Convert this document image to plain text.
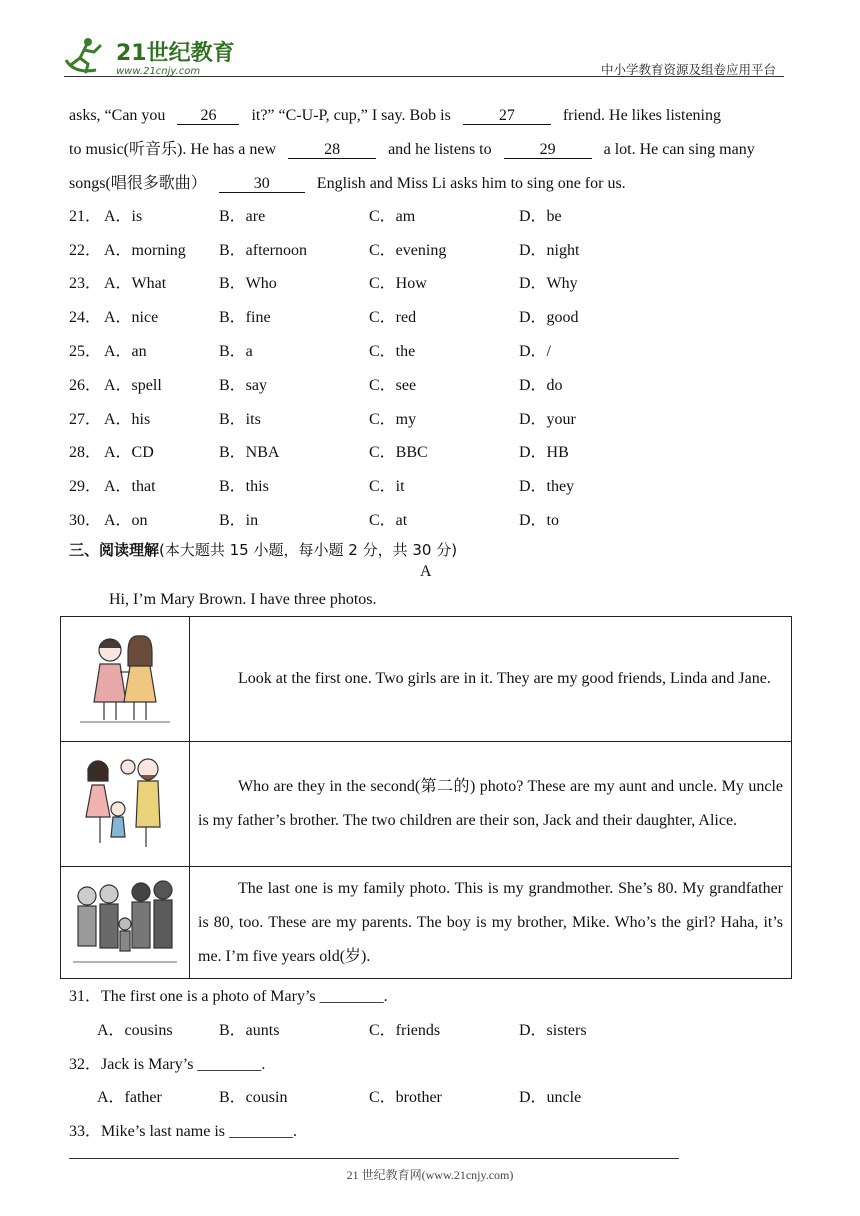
21世纪教育
www.21cnjy.com	中小学教育资源及组卷应用平台
asks, “Can you 26 it?” “C-U-P, cup,” I say. Bob is	27	friend. He likes listening
to music(听音乐). He has a new	28	and he listens to	29	a lot. He can sing many
songs(唱很多歌曲）	30	English and Miss Li asks him to sing one for us.
21． A．is	B．are	C．am	D．be
22． A．morning B．afternoon	C．evening	D．night
23． A．What	B．Who	C．How	D．Why
24． A．nice	B．fine	C．red	D．good
25． A．an	B．a	C．the	D．/
26． A．spell	B．say	C．see	D．do
27． A．his	B．its	C．my	D．your
28． A．CD	B．NBA	C．BBC	D．HB
29． A．that	B．this	C．it	D．they
30． A．on	B．in	C．at	D．to
三、阅读理解(本大题共 15 小题，每小题 2 分，共 30 分)
A
Hi, I’m Mary Brown. I have three photos.
	Look at the first one. Two girls are in it. They are my good friends, Linda and Jane.
	Who are they in the second(第二的) photo? These are my aunt and uncle. My uncle is my father’s brother. The two children are their son, Jack and their daughter, Alice.
	The last one is my family photo. This is my grandmother. She’s 80. My grandfather is 80, too. These are my parents. The boy is my brother, Mike. Who’s the girl? Haha, it’s me. I’m five years old(岁).
31．The first one is a photo of Mary’s ________.
A．cousins	B．aunts	C．friends	D．sisters
32．Jack is Mary’s ________.
A．father	B．cousin	C．brother	D．uncle
33．Mike’s last name is ________.
21 世纪教育网(www.21cnjy.com)
